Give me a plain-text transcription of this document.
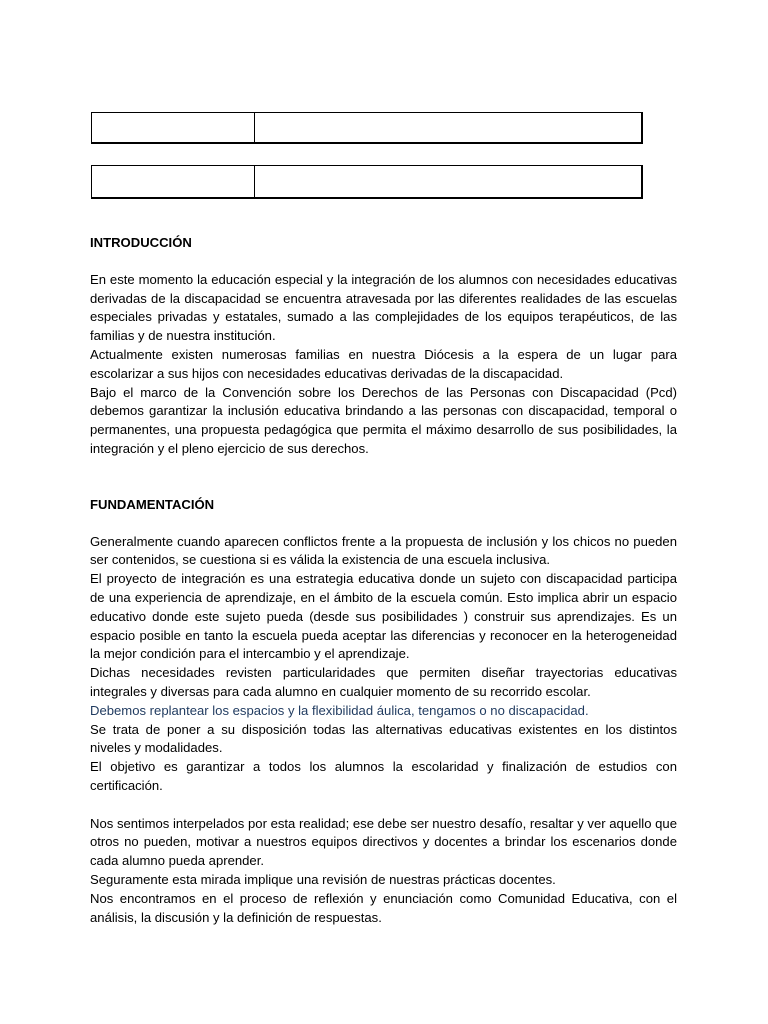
INTRODUCCIÓN

En este momento la educación especial y la integración de los alumnos con necesidades educativas derivadas de la discapacidad se encuentra atravesada por las diferentes realidades de las escuelas especiales privadas y estatales, sumado a las complejidades de los equipos terapéuticos, de las familias y de nuestra institución.

Actualmente existen numerosas familias en nuestra Diócesis a la espera de un lugar para escolarizar a sus hijos con necesidades educativas derivadas de la discapacidad.

Bajo el marco de la Convención sobre los Derechos de las Personas con Discapacidad (Pcd) debemos garantizar la inclusión educativa brindando a las personas con discapacidad, temporal o permanentes, una propuesta pedagógica que permita el máximo desarrollo de sus posibilidades, la integración y el pleno ejercicio de sus derechos.

FUNDAMENTACIÓN

Generalmente cuando aparecen conflictos frente a la propuesta de inclusión y los chicos no pueden ser contenidos, se cuestiona si es válida la existencia de una escuela inclusiva.

El proyecto de integración es una estrategia educativa donde un sujeto con discapacidad participa de una experiencia de aprendizaje, en el ámbito de la escuela común. Esto implica abrir un espacio educativo donde este sujeto pueda (desde sus posibilidades ) construir sus aprendizajes. Es un espacio posible en tanto la escuela pueda aceptar las diferencias y reconocer en la heterogeneidad la mejor condición para el intercambio y el aprendizaje.

Dichas necesidades revisten particularidades que permiten diseñar trayectorias educativas integrales y diversas para cada alumno en cualquier momento de su recorrido escolar.

Debemos replantear los espacios y la flexibilidad áulica, tengamos o no discapacidad.

Se trata de poner a su disposición todas las alternativas educativas existentes en los distintos niveles y modalidades.

El objetivo es garantizar a todos los alumnos la escolaridad y finalización de estudios con certificación.

Nos sentimos interpelados por esta realidad; ese debe ser nuestro desafío, resaltar y ver aquello que otros no pueden, motivar a nuestros equipos directivos y docentes a brindar los escenarios donde cada alumno pueda aprender.

Seguramente esta mirada implique una revisión de nuestras prácticas docentes.

Nos encontramos en el proceso de reflexión y enunciación como Comunidad Educativa, con el análisis, la discusión y la definición de respuestas.
